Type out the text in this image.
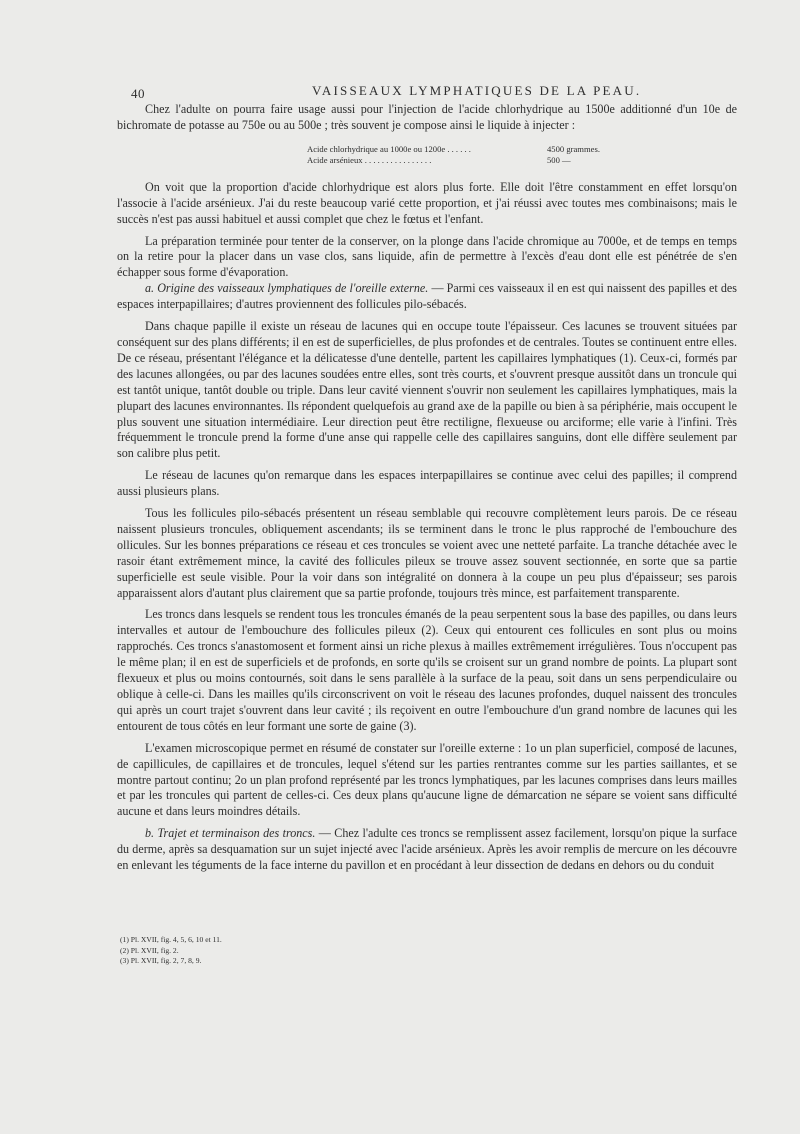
40	VAISSEAUX LYMPHATIQUES DE LA PEAU.

Chez l'adulte on pourra faire usage aussi pour l'injection de l'acide chlorhydrique au 1500e additionné d'un 10e de bichromate de potasse au 750e ou au 500e ; très souvent je compose ainsi le liquide à injecter :

Acide chlorhydrique au 1000e ou 1200e . . . . . .	4500 grammes.
Acide arsénieux . . . . . . . . . . . . . . . .	500 —

On voit que la proportion d'acide chlorhydrique est alors plus forte. Elle doit l'être constamment en effet lorsqu'on l'associe à l'acide arsénieux. J'ai du reste beaucoup varié cette proportion, et j'ai réussi avec toutes mes combinaisons; mais le succès n'est pas aussi habituel et aussi complet que chez le fœtus et l'enfant.

La préparation terminée pour tenter de la conserver, on la plonge dans l'acide chromique au 7000e, et de temps en temps on la retire pour la placer dans un vase clos, sans liquide, afin de permettre à l'excès d'eau dont elle est pénétrée de s'en échapper sous forme d'évaporation.

a. Origine des vaisseaux lymphatiques de l'oreille externe. — Parmi ces vaisseaux il en est qui naissent des papilles et des espaces interpapillaires; d'autres proviennent des follicules pilo-sébacés.

Dans chaque papille il existe un réseau de lacunes qui en occupe toute l'épaisseur. Ces lacunes se trouvent situées par conséquent sur des plans différents; il en est de superficielles, de plus profondes et de centrales. Toutes se continuent entre elles. De ce réseau, présentant l'élégance et la délicatesse d'une dentelle, partent les capillaires lymphatiques (1). Ceux-ci, formés par des lacunes allongées, ou par des lacunes soudées entre elles, sont très courts, et s'ouvrent presque aussitôt dans un troncule qui est tantôt unique, tantôt double ou triple. Dans leur cavité viennent s'ouvrir non seulement les capillaires lymphatiques, mais la plupart des lacunes environnantes. Ils répondent quelquefois au grand axe de la papille ou bien à sa périphérie, mais occupent le plus souvent une situation intermédiaire. Leur direction peut être rectiligne, flexueuse ou arciforme; elle varie à l'infini. Très fréquemment le troncule prend la forme d'une anse qui rappelle celle des capillaires sanguins, dont elle diffère seulement par son calibre plus petit.

Le réseau de lacunes qu'on remarque dans les espaces interpapillaires se continue avec celui des papilles; il comprend aussi plusieurs plans.

Tous les follicules pilo-sébacés présentent un réseau semblable qui recouvre complètement leurs parois. De ce réseau naissent plusieurs troncules, obliquement ascendants; ils se terminent dans le tronc le plus rapproché de l'embouchure des ollicules. Sur les bonnes préparations ce réseau et ces troncules se voient avec une netteté parfaite. La tranche détachée avec le rasoir étant extrêmement mince, la cavité des follicules pileux se trouve assez souvent sectionnée, en sorte que sa partie superficielle est seule visible. Pour la voir dans son intégralité on donnera à la coupe un peu plus d'épaisseur; ses parois apparaissent alors d'autant plus clairement que sa partie profonde, toujours très mince, est parfaitement transparente.

Les troncs dans lesquels se rendent tous les troncules émanés de la peau serpentent sous la base des papilles, ou dans leurs intervalles et autour de l'embouchure des follicules pileux (2). Ceux qui entourent ces follicules en sont plus ou moins rapprochés. Ces troncs s'anastomosent et forment ainsi un riche plexus à mailles extrêmement irrégulières. Tous n'occupent pas le même plan; il en est de superficiels et de profonds, en sorte qu'ils se croisent sur un grand nombre de points. La plupart sont flexueux et plus ou moins contournés, soit dans le sens parallèle à la surface de la peau, soit dans un sens perpendiculaire ou oblique à celle-ci. Dans les mailles qu'ils circonscrivent on voit le réseau des lacunes profondes, duquel naissent des troncules qui après un court trajet s'ouvrent dans leur cavité ; ils reçoivent en outre l'embouchure d'un grand nombre de lacunes qui les entourent de tous côtés en leur formant une sorte de gaine (3).

L'examen microscopique permet en résumé de constater sur l'oreille externe : 1o un plan superficiel, composé de lacunes, de capillicules, de capillaires et de troncules, lequel s'étend sur les parties rentrantes comme sur les parties saillantes, et se montre partout continu; 2o un plan profond représenté par les troncs lymphatiques, par les lacunes comprises dans leurs mailles et par les troncules qui partent de celles-ci. Ces deux plans qu'aucune ligne de démarcation ne sépare se voient sans difficulté aucune et dans leurs moindres détails.

b. Trajet et terminaison des troncs. — Chez l'adulte ces troncs se remplissent assez facilement, lorsqu'on pique la surface du derme, après sa desquamation sur un sujet injecté avec l'acide arsénieux. Après les avoir remplis de mercure on les découvre en enlevant les téguments de la face interne du pavillon et en procédant à leur dissection de dedans en dehors ou du conduit

(1) Pl. XVII, fig. 4, 5, 6, 10 et 11.
(2) Pl. XVII, fig. 2.
(3) Pl. XVII, fig. 2, 7, 8, 9.
